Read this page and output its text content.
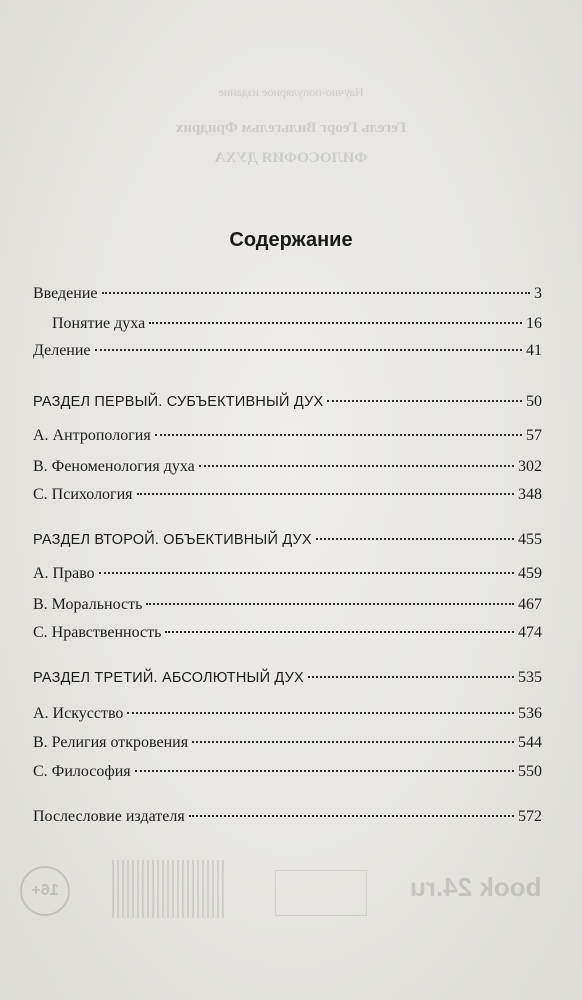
Научно-популярное издание
Гегель Георг Вильгельм Фридрих
ФИЛОСОФИЯ ДУХА
16+	book 24.ru
Содержание
Введение	3
Понятие духа	16
Деление	41
РАЗДЕЛ ПЕРВЫЙ. СУБЪЕКТИВНЫЙ ДУХ	50
А. Антропология	57
В. Феноменология духа	302
С. Психология	348
РАЗДЕЛ ВТОРОЙ. ОБЪЕКТИВНЫЙ ДУХ	455
А. Право	459
В. Моральность	467
С. Нравственность	474
РАЗДЕЛ ТРЕТИЙ. АБСОЛЮТНЫЙ ДУХ	535
А. Искусство	536
В. Религия откровения	544
С. Философия	550
Послесловие издателя	572
